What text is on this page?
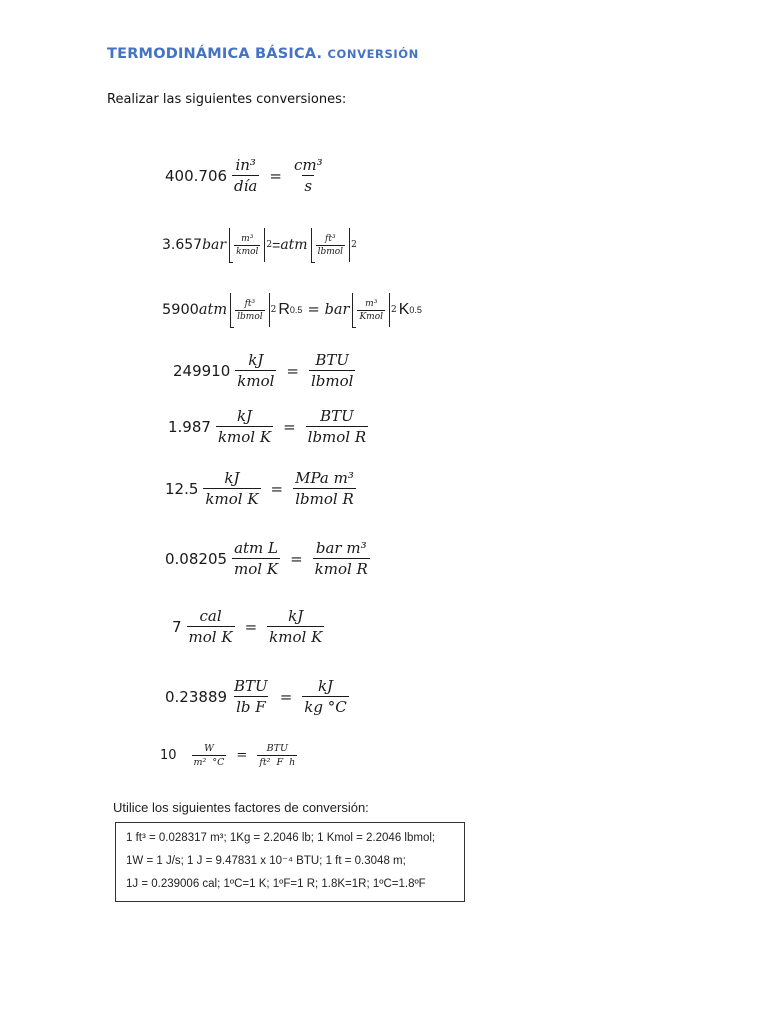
TERMODINÁMICA BÁSICA. CONVERSIÓN
Realizar las siguientes conversiones:
$400.706 \frac{\text{in³}}{\text{día}} = \frac{\text{cm³}}{s}$
3.657 bar $\frac{\text{m³}}{\text{kmol}} 2$ = atm $\frac{\text{ft³}}{\text{lbmol}} 2$
5900 atm $\frac{\text{ft³}}{\text{lbmol}} 2$ R 0.5 = bar $\frac{\text{m³}}{\text{Kmol}} 2$ K 0.5
$249910 \frac{kJ}{\text{kmol}} = \frac{\text{BTU}}{\text{lbmol}}$
$1.987 \frac{kJ}{\text{kmol K}} = \frac{\text{BTU}}{\text{lbmol R}}$
$12.5 \frac{kJ}{\text{kmol K}} = \frac{\text{MPa m³}}{\text{lbmol R}}$
$0.08205 \frac{\text{atm L}}{\text{mol K}} = \frac{\text{bar m³}}{\text{kmol R}}$
$7 \frac{\text{cal}}{\text{mol K}} = \frac{kJ}{\text{kmol K}}$
$0.23889 \frac{\text{BTU}}{\text{lb F}} = \frac{kJ}{kg ^\circ C}$
$10 \frac{W}{\text{m²  °C}} = \frac{\text{BTU}}{\text{ft²  F  h}}$
Utilice los siguientes factores de conversión:
1 ft³ = 0.028317 m³; 1Kg = 2.2046 lb; 1 Kmol = 2.2046 lbmol;
1W = 1 J/s; 1 J = 9.47831 x 10⁻⁴ BTU; 1 ft = 0.3048 m;
1J = 0.239006 cal; 1ºC=1 K; 1ºF=1 R; 1.8K=1R; 1ºC=1.8ºF
